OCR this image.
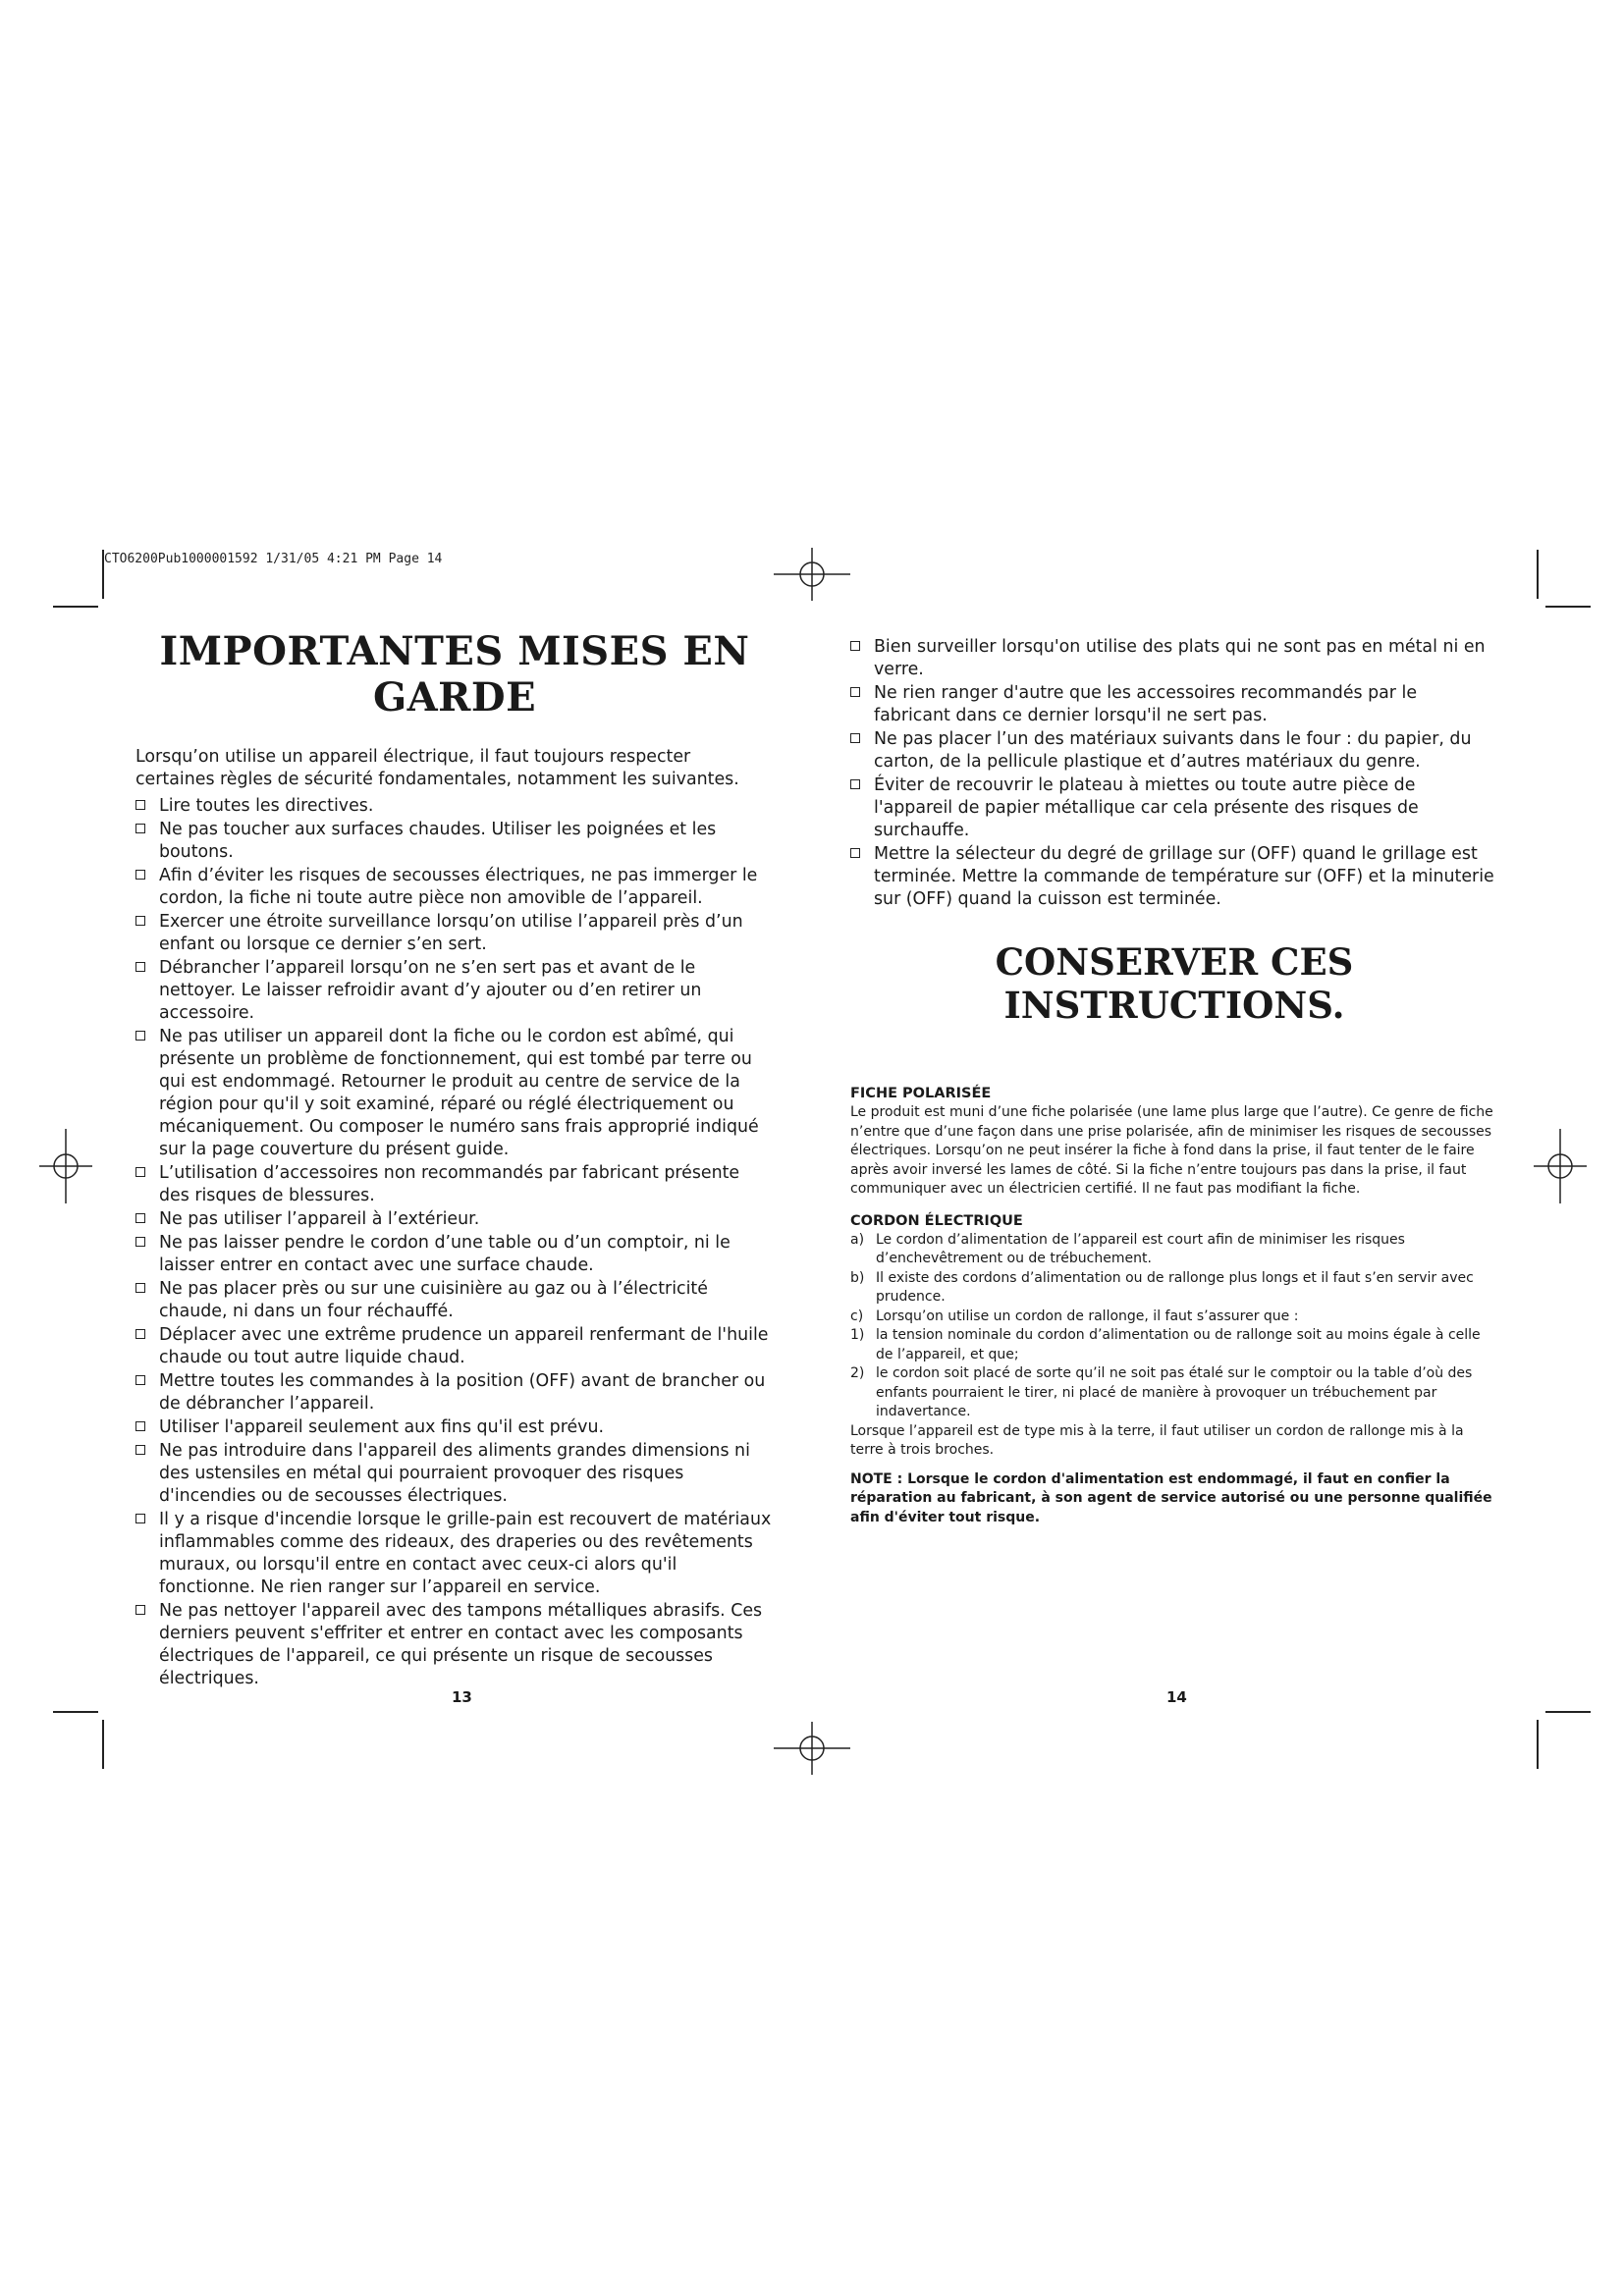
CTO6200Pub1000001592 1/31/05 4:21 PM Page 14
IMPORTANTES MISES EN GARDE

Lorsqu’on utilise un appareil électrique, il faut toujours respecter certaines règles de sécurité fondamentales, notamment les suivantes.

Lire toutes les directives.
Ne pas toucher aux surfaces chaudes. Utiliser les poignées et les boutons.
Afin d’éviter les risques de secousses électriques, ne pas immerger le cordon, la fiche ni toute autre pièce non amovible de l’appareil.
Exercer une étroite surveillance lorsqu’on utilise l’appareil près d’un enfant ou lorsque ce dernier s’en sert.
Débrancher l’appareil lorsqu’on ne s’en sert pas et avant de le nettoyer. Le laisser refroidir avant d’y ajouter ou d’en retirer un accessoire.
Ne pas utiliser un appareil dont la fiche ou le cordon est abîmé, qui présente un problème de fonctionnement, qui est tombé par terre ou qui est endommagé. Retourner le produit au centre de service de la région pour qu'il y soit examiné, réparé ou réglé électriquement ou mécaniquement. Ou composer le numéro sans frais approprié indiqué sur la page couverture du présent guide.
L’utilisation d’accessoires non recommandés par fabricant présente des risques de blessures.
Ne pas utiliser l’appareil à l’extérieur.
Ne pas laisser pendre le cordon d’une table ou d’un comptoir, ni le laisser entrer en contact avec une surface chaude.
Ne pas placer près ou sur une cuisinière au gaz ou à l’électricité chaude, ni dans un four réchauffé.
Déplacer avec une extrême prudence un appareil renfermant de l'huile chaude ou tout autre liquide chaud.
Mettre toutes les commandes à la position (OFF) avant de brancher ou de débrancher l’appareil.
Utiliser l'appareil seulement aux fins qu'il est prévu.
Ne pas introduire dans l'appareil des aliments grandes dimensions ni des ustensiles en métal qui pourraient provoquer des risques d'incendies ou de secousses électriques.
Il y a risque d'incendie lorsque le grille-pain est recouvert de matériaux inflammables comme des rideaux, des draperies ou des revêtements muraux, ou lorsqu'il entre en contact avec ceux-ci alors qu'il fonctionne. Ne rien ranger sur l’appareil en service.
Ne pas nettoyer l'appareil avec des tampons métalliques abrasifs. Ces derniers peuvent s'effriter et entrer en contact avec les composants électriques de l'appareil, ce qui présente un risque de secousses électriques.
13
Bien surveiller lorsqu'on utilise des plats qui ne sont pas en métal ni en verre.
Ne rien ranger d'autre que les accessoires recommandés par le fabricant dans ce dernier lorsqu'il ne sert pas.
Ne pas placer l’un des matériaux suivants dans le four : du papier, du carton, de la pellicule plastique et d’autres matériaux du genre.
Éviter de recouvrir le plateau à miettes ou toute autre pièce de l'appareil de papier métallique car cela présente des risques de surchauffe.
Mettre la sélecteur du degré de grillage sur (OFF) quand le grillage est terminée. Mettre la commande de température sur (OFF) et la minuterie sur (OFF) quand la cuisson est terminée.
CONSERVER CES INSTRUCTIONS.
FICHE POLARISÉE

Le produit est muni d’une fiche polarisée (une lame plus large que l’autre). Ce genre de fiche n’entre que d’une façon dans une prise polarisée, afin de minimiser les risques de secousses électriques. Lorsqu’on ne peut insérer la fiche à fond dans la prise, il faut tenter de le faire après avoir inversé les lames de côté. Si la fiche n’entre toujours pas dans la prise, il faut communiquer avec un électricien certifié. Il ne faut pas modifiant la fiche.

CORDON ÉLECTRIQUE
a) Le cordon d’alimentation de l’appareil est court afin de minimiser les risques d’enchevêtrement ou de trébuchement.
b) Il existe des cordons d’alimentation ou de rallonge plus longs et il faut s’en servir avec prudence.
c) Lorsqu’on utilise un cordon de rallonge, il faut s’assurer que :
1) la tension nominale du cordon d’alimentation ou de rallonge soit au moins égale à celle de l’appareil, et que;
2) le cordon soit placé de sorte qu’il ne soit pas étalé sur le comptoir ou la table d’où des enfants pourraient le tirer, ni placé de manière à provoquer un trébuchement par indavertance.

Lorsque l’appareil est de type mis à la terre, il faut utiliser un cordon de rallonge mis à la terre à trois broches.

NOTE : Lorsque le cordon d'alimentation est endommagé, il faut en confier la réparation au fabricant, à son agent de service autorisé ou une personne qualifiée afin d'éviter tout risque.

14
